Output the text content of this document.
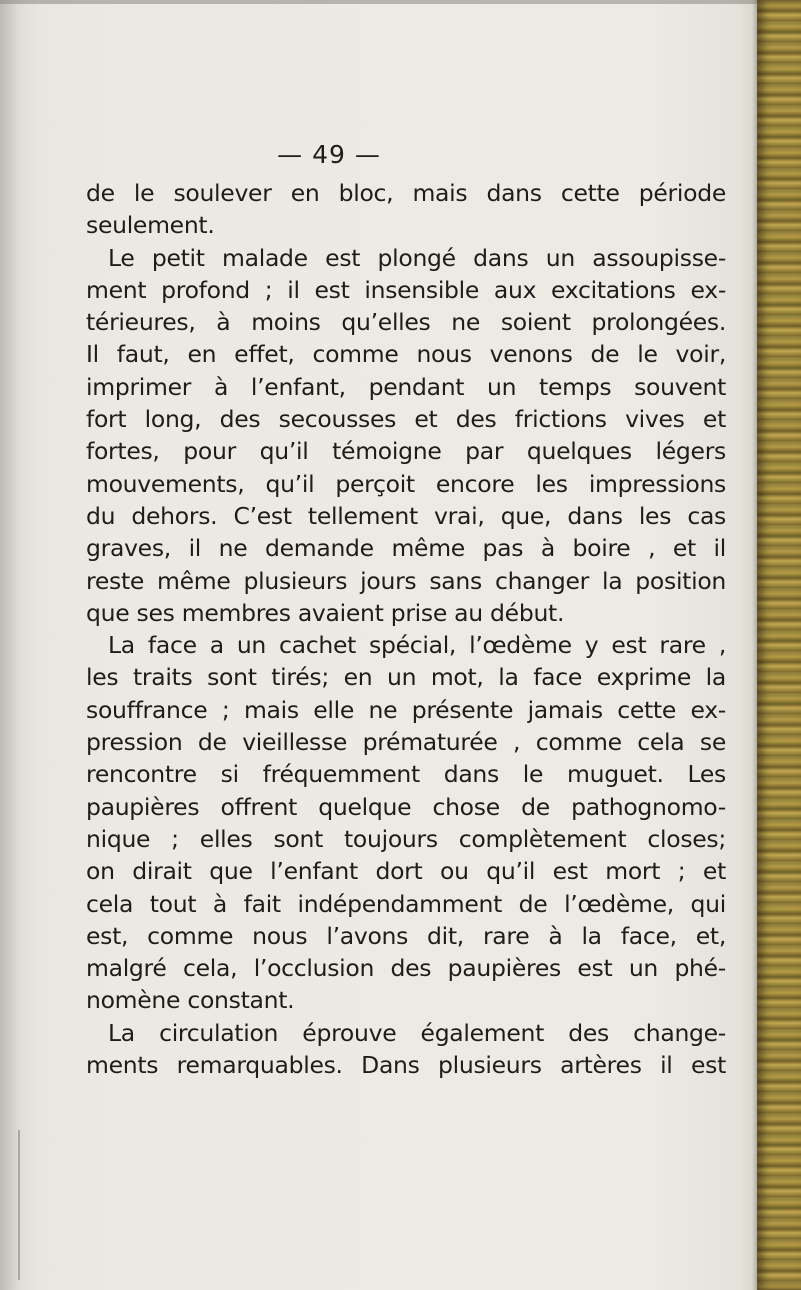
— 49 —
de le soulever en bloc, mais dans cette période
seulement.
Le petit malade est plongé dans un assoupisse-
ment profond ; il est insensible aux excitations ex-
térieures, à moins qu’elles ne soient prolongées.
Il faut, en effet, comme nous venons de le voir,
imprimer à l’enfant, pendant un temps souvent
fort long, des secousses et des frictions vives et
fortes, pour qu’il témoigne par quelques légers
mouvements, qu’il perçoit encore les impressions
du dehors. C’est tellement vrai, que, dans les cas
graves, il ne demande même pas à boire , et il
reste même plusieurs jours sans changer la position
que ses membres avaient prise au début.
La face a un cachet spécial, l’œdème y est rare ,
les traits sont tirés; en un mot, la face exprime la
souffrance ; mais elle ne présente jamais cette ex-
pression de vieillesse prématurée , comme cela se
rencontre si fréquemment dans le muguet. Les
paupières offrent quelque chose de pathognomo-
nique ; elles sont toujours complètement closes;
on dirait que l’enfant dort ou qu’il est mort ; et
cela tout à fait indépendamment de l’œdème, qui
est, comme nous l’avons dit, rare à la face, et,
malgré cela, l’occlusion des paupières est un phé-
nomène constant.
La circulation éprouve également des change-
ments remarquables. Dans plusieurs artères il est
